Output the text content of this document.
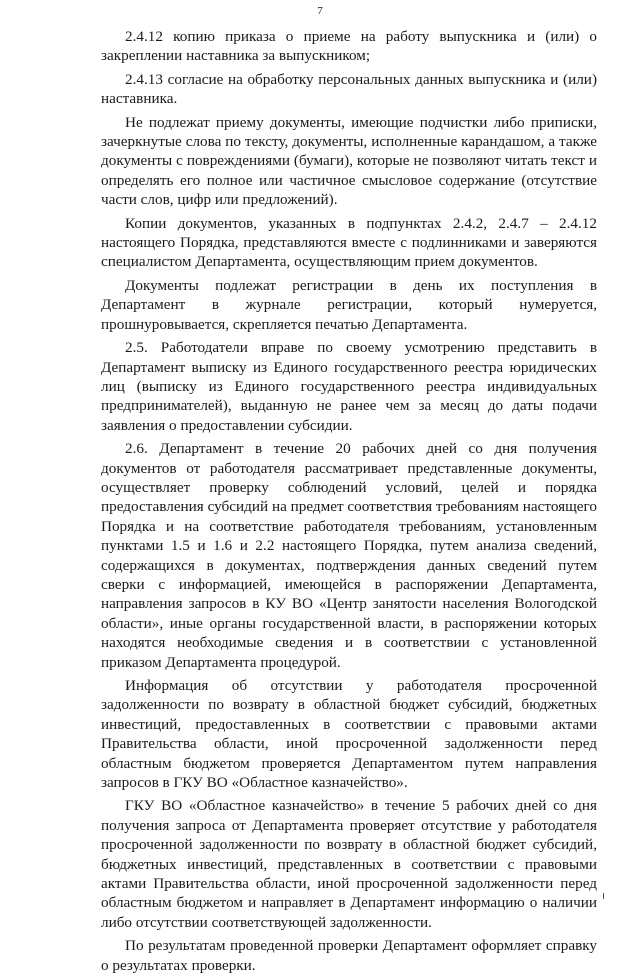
7

2.4.12 копию приказа о приеме на работу выпускника и (или) о закреплении наставника за выпускником;

2.4.13 согласие на обработку персональных данных выпускника и (или) наставника.

Не подлежат приему документы, имеющие подчистки либо приписки, зачеркнутые слова по тексту, документы, исполненные карандашом, а также документы с повреждениями (бумаги), которые не позволяют читать текст и определять его полное или частичное смысловое содержание (отсутствие части слов, цифр или предложений).

Копии документов, указанных в подпунктах 2.4.2, 2.4.7 – 2.4.12 настоящего Порядка, представляются вместе с подлинниками и заверяются специалистом Департамента, осуществляющим прием документов.

Документы подлежат регистрации в день их поступления в Департамент в журнале регистрации, который нумеруется, прошнуровывается, скрепляется печатью Департамента.

2.5. Работодатели вправе по своему усмотрению представить в Департамент выписку из Единого государственного реестра юридических лиц (выписку из Единого государственного реестра индивидуальных предпринимателей), выданную не ранее чем за месяц до даты подачи заявления о предоставлении субсидии.

2.6. Департамент в течение 20 рабочих дней со дня получения документов от работодателя рассматривает представленные документы, осуществляет проверку соблюдений условий, целей и порядка предоставления субсидий на предмет соответствия требованиям настоящего Порядка и на соответствие работодателя требованиям, установленным пунктами 1.5 и 1.6 и 2.2 настоящего Порядка, путем анализа сведений, содержащихся в документах, подтверждения данных сведений путем сверки с информацией, имеющейся в распоряжении Департамента, направления запросов в КУ ВО «Центр занятости населения Вологодской области», иные органы государственной власти, в распоряжении которых находятся необходимые сведения и в соответствии с установленной приказом Департамента процедурой.

Информация об отсутствии у работодателя просроченной задолженности по возврату в областной бюджет субсидий, бюджетных инвестиций, предоставленных в соответствии с правовыми актами Правительства области, иной просроченной задолженности перед областным бюджетом проверяется Департаментом путем направления запросов в ГКУ ВО «Областное казначейство».

ГКУ ВО «Областное казначейство» в течение 5 рабочих дней со дня получения запроса от Департамента проверяет отсутствие у работодателя просроченной задолженности по возврату в областной бюджет субсидий, бюджетных инвестиций, представленных в соответствии с правовыми актами Правительства области, иной просроченной задолженности перед областным бюджетом и направляет в Департамент информацию о наличии либо отсутствии соответствующей задолженности.

По результатам проведенной проверки Департамент оформляет справку о результатах проверки.
